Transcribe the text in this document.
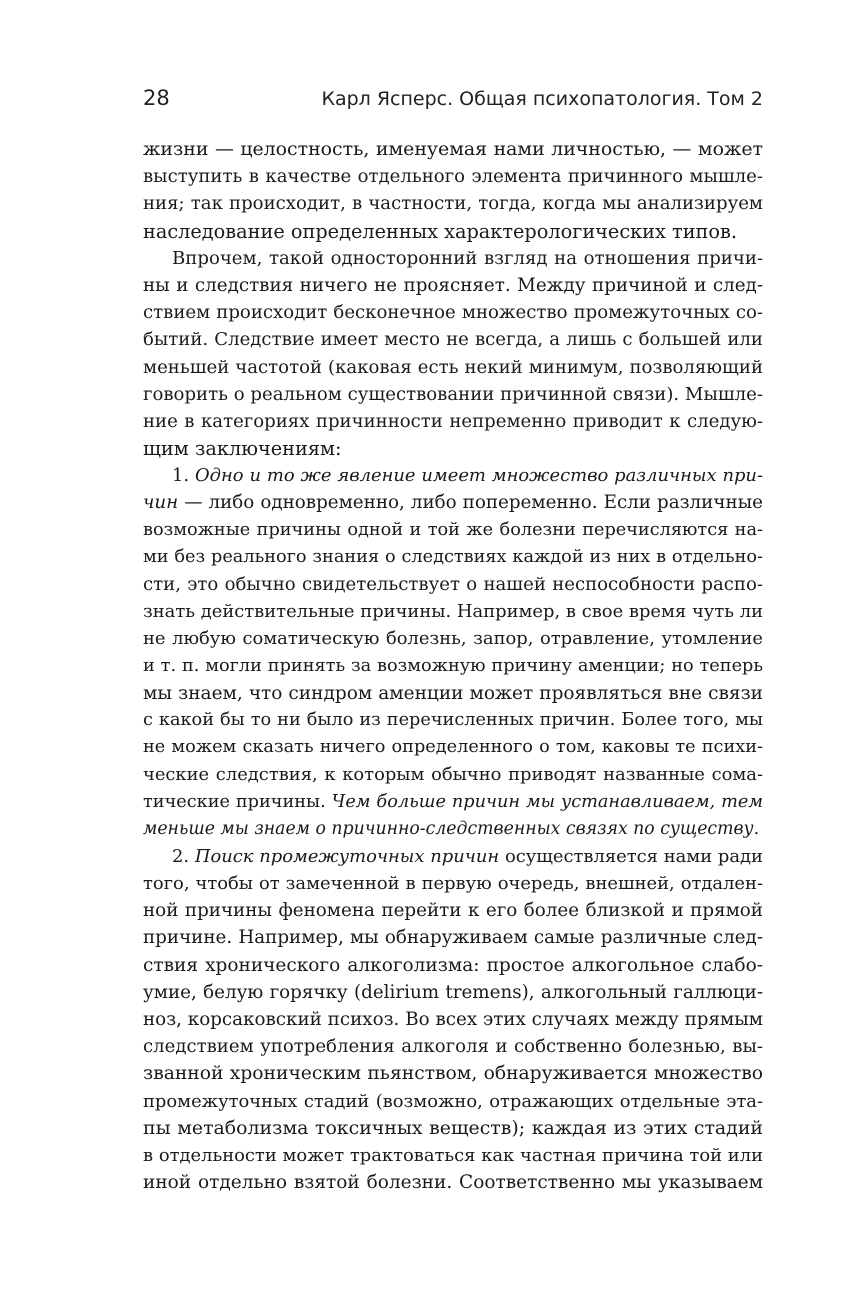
28	Карл Ясперс. Общая психопатология. Том 2
жизни — целостность, именуемая нами личностью, — может
выступить в качестве отдельного элемента причинного мышле-
ния; так происходит, в частности, тогда, когда мы анализируем
наследование определенных характерологических типов.
Впрочем, такой односторонний взгляд на отношения причи-
ны и следствия ничего не проясняет. Между причиной и след-
ствием происходит бесконечное множество промежуточных со-
бытий. Следствие имеет место не всегда, а лишь с большей или
меньшей частотой (каковая есть некий минимум, позволяющий
говорить о реальном существовании причинной связи). Мышле-
ние в категориях причинности непременно приводит к следую-
щим заключениям:
1. Одно и то же явление имеет множество различных при-
чин — либо одновременно, либо попеременно. Если различные
возможные причины одной и той же болезни перечисляются на-
ми без реального знания о следствиях каждой из них в отдельно-
сти, это обычно свидетельствует о нашей неспособности распо-
знать действительные причины. Например, в свое время чуть ли
не любую соматическую болезнь, запор, отравление, утомление
и т. п. могли принять за возможную причину аменции; но теперь
мы знаем, что синдром аменции может проявляться вне связи
с какой бы то ни было из перечисленных причин. Более того, мы
не можем сказать ничего определенного о том, каковы те психи-
ческие следствия, к которым обычно приводят названные сома-
тические причины. Чем больше причин мы устанавливаем, тем
меньше мы знаем о причинно-следственных связях по существу.
2. Поиск промежуточных причин осуществляется нами ради
того, чтобы от замеченной в первую очередь, внешней, отдален-
ной причины феномена перейти к его более близкой и прямой
причине. Например, мы обнаруживаем самые различные след-
ствия хронического алкоголизма: простое алкогольное слабо-
умие, белую горячку (delirium tremens), алкогольный галлюци-
ноз, корсаковский психоз. Во всех этих случаях между прямым
следствием употребления алкоголя и собственно болезнью, вы-
званной хроническим пьянством, обнаруживается множество
промежуточных стадий (возможно, отражающих отдельные эта-
пы метаболизма токсичных веществ); каждая из этих стадий
в отдельности может трактоваться как частная причина той или
иной отдельно взятой болезни. Соответственно мы указываем
